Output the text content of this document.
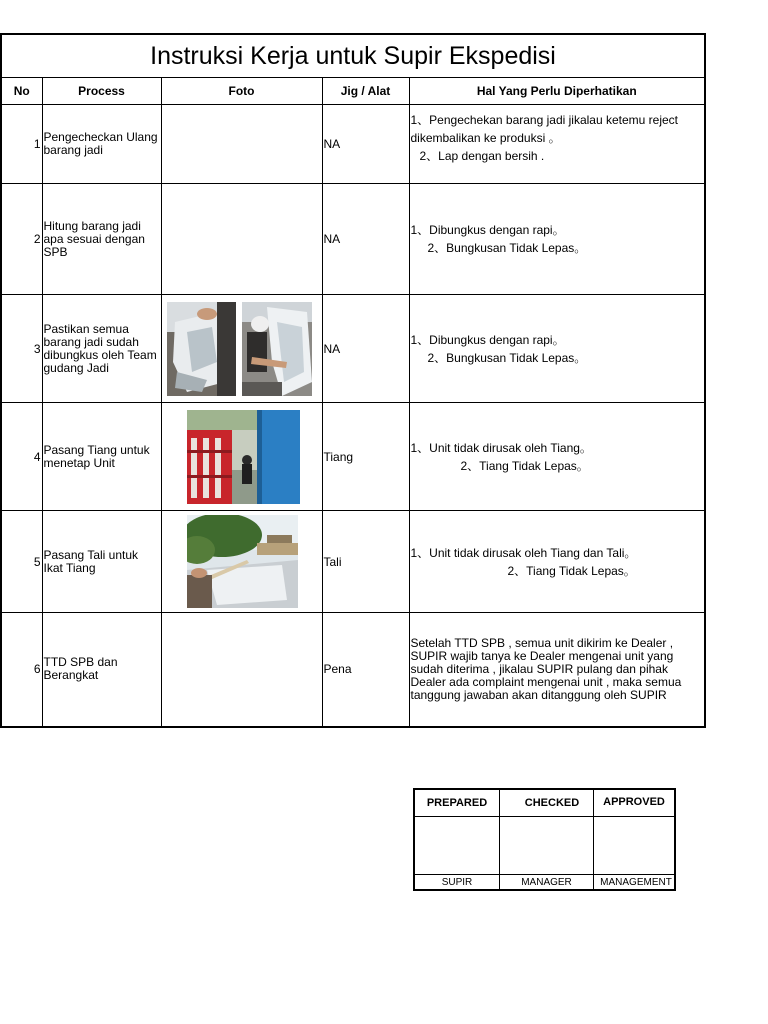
Instruksi Kerja untuk Supir Ekspedisi				
No	Process	Foto	Jig / Alat	Hal Yang Perlu Diperhatikan
1	Pengecheckan Ulang barang jadi		NA	1、Pengechekan barang jadi jikalau ketemu reject
dikembalikan ke produksi 。
2、Lap dengan bersih .

2	Hitung barang jadi apa sesuai dengan SPB		NA	1、Dibungkus dengan rapi。
2、Bungkusan Tidak Lepas。

3	Pastikan semua barang jadi sudah dibungkus oleh Team gudang Jadi		NA	1、Dibungkus dengan rapi。
2、Bungkusan Tidak Lepas。

4	Pasang Tiang untuk menetap Unit		Tiang	1、Unit tidak dirusak oleh Tiang。
2、Tiang Tidak Lepas。

5	Pasang Tali untuk Ikat Tiang		Tali	1、Unit tidak dirusak oleh Tiang dan Tali。
2、Tiang Tidak Lepas。

6	TTD SPB dan Berangkat		Pena	Setelah TTD SPB , semua unit dikirim ke Dealer , SUPIR wajib tanya ke Dealer mengenai unit yang sudah diterima , jikalau SUPIR pulang dan pihak Dealer ada complaint mengenai unit , maka semua tanggung jawaban akan ditanggung oleh SUPIR
PREPARED	CHECKED	APPROVED
SUPIR	MANAGER	MANAGEMENT
